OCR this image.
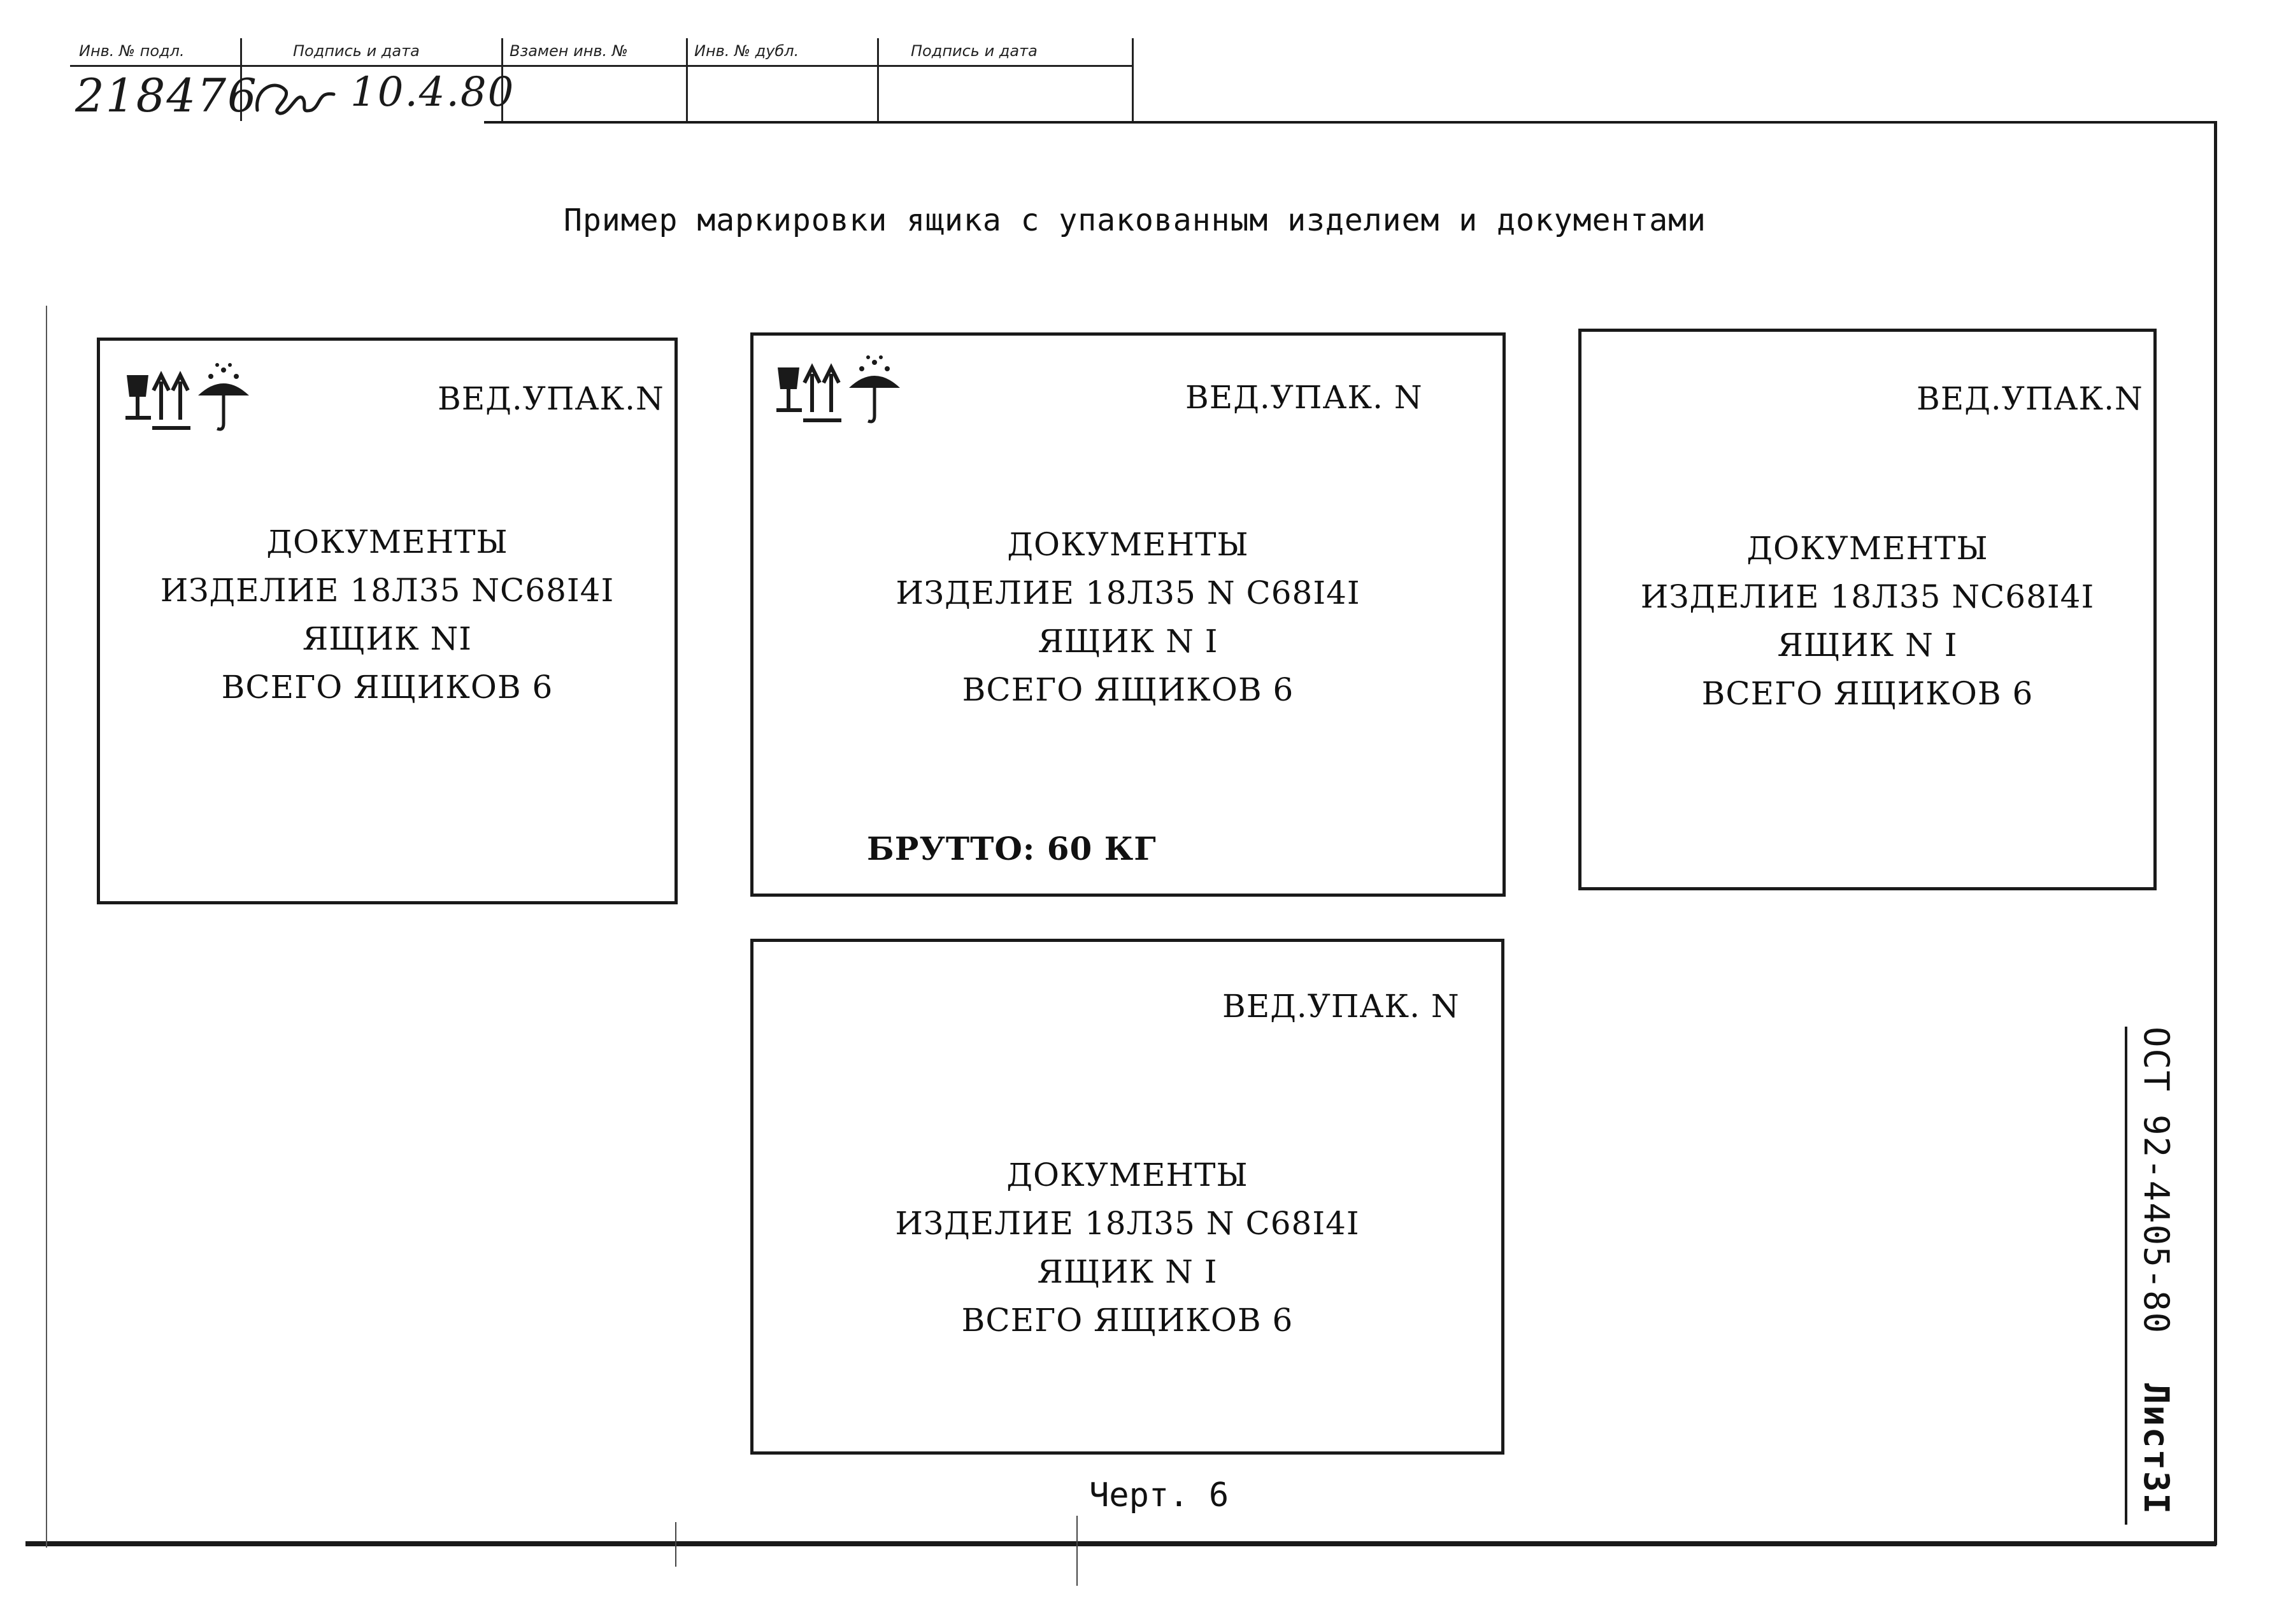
Инв. № подл.
218476
Подпись и дата
10.4.80
Взамен инв. №	Инв. № дубл.	Подпись и дата
Пример маркировки ящика с упакованным изделием и документами
ВЕД.УПАК.N
ДОКУМЕНТЫ
ИЗДЕЛИЕ 18Л35 NС68I4I
ЯЩИК NI
ВСЕГО ЯЩИКОВ 6
ВЕД.УПАК. N
ДОКУМЕНТЫ
ИЗДЕЛИЕ 18Л35 N С68I4I
ЯЩИК N I
ВСЕГО ЯЩИКОВ 6
БРУТТО: 60 КГ
ВЕД.УПАК.N
ДОКУМЕНТЫ
ИЗДЕЛИЕ 18Л35 NС68I4I
ЯЩИК N I
ВСЕГО ЯЩИКОВ 6
ВЕД.УПАК. N
ДОКУМЕНТЫ
ИЗДЕЛИЕ 18Л35 N С68I4I
ЯЩИК N I
ВСЕГО ЯЩИКОВ 6
Черт. 6
ОСТ 92-4405-80
Лист3I
